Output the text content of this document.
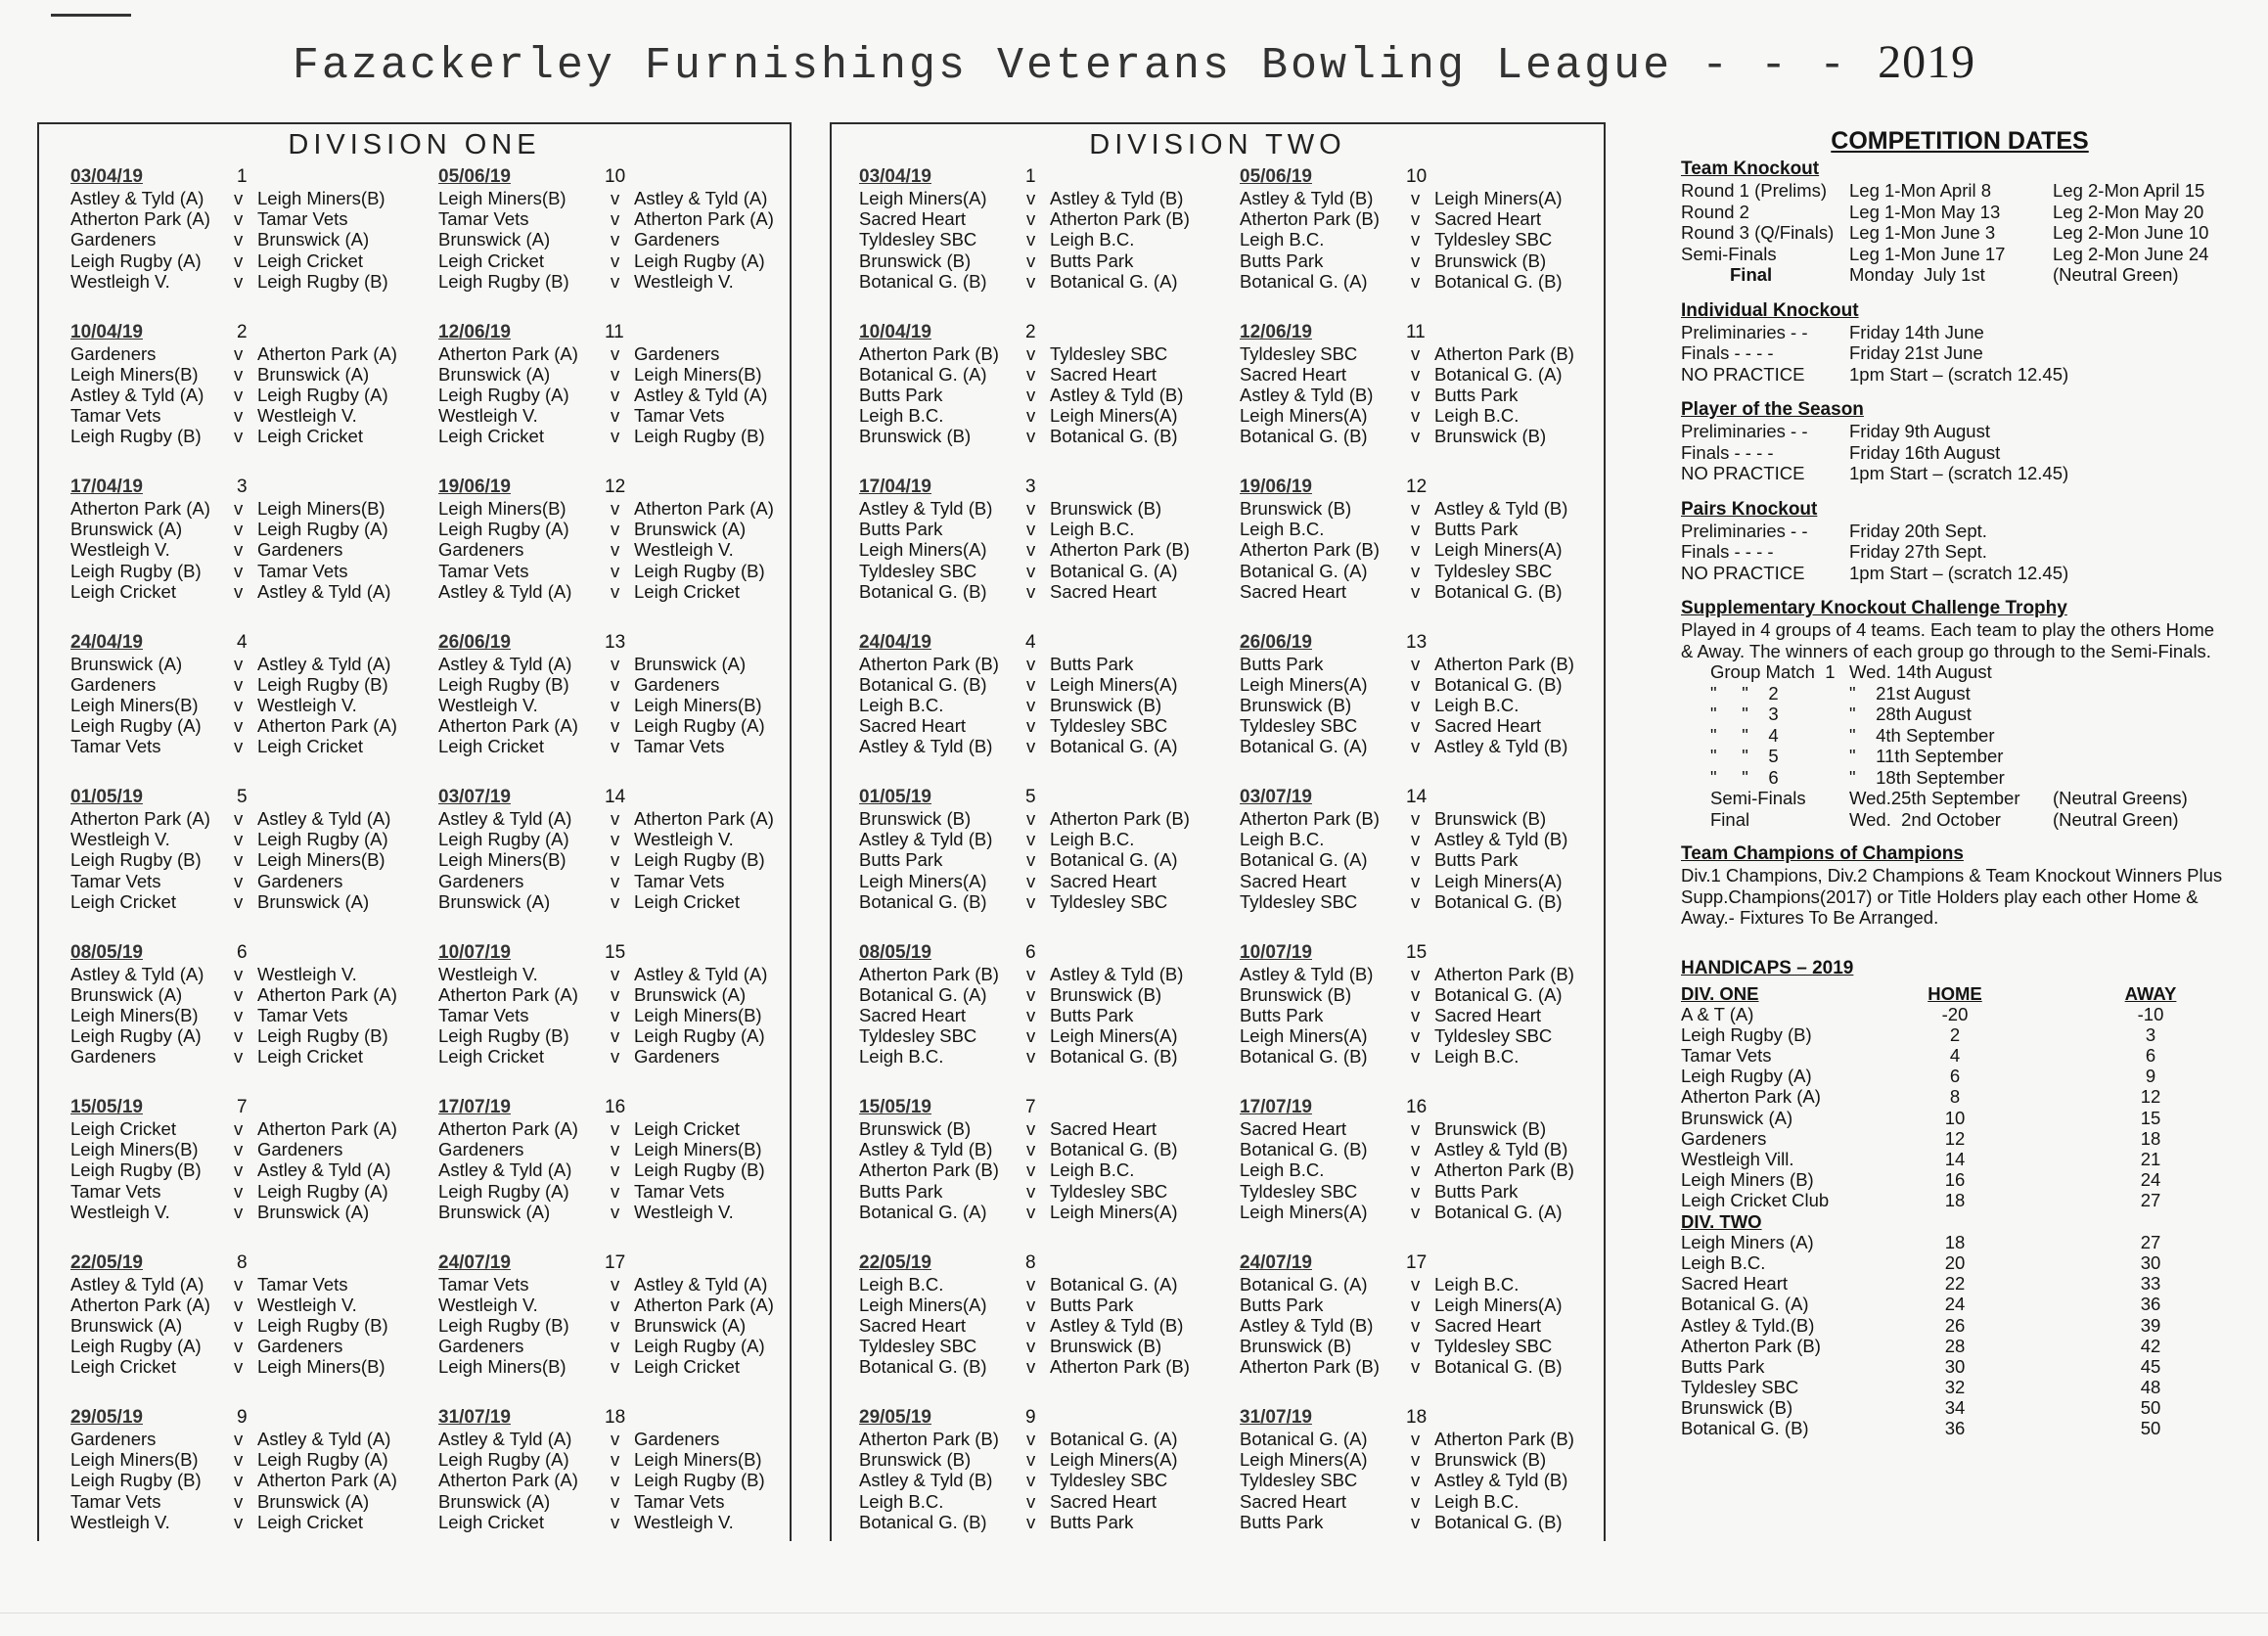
Fazackerley Furnishings Veterans Bowling League - - - 2019
DIVISION ONE
03/04/19	1
Astley & Tyld (A)	v Leigh Miners(B)
Atherton Park (A)	v Tamar Vets
Gardeners	v Brunswick (A)
Leigh Rugby (A)	v Leigh Cricket
Westleigh V.	v Leigh Rugby (B)
10/04/19	2
Gardeners	v Atherton Park (A)
Leigh Miners(B)	v Brunswick (A)
Astley & Tyld (A)	v Leigh Rugby (A)
Tamar Vets	v Westleigh V.
Leigh Rugby (B)	v Leigh Cricket
17/04/19	3
Atherton Park (A)	v Leigh Miners(B)
Brunswick (A)	v Leigh Rugby (A)
Westleigh V.	v Gardeners
Leigh Rugby (B)	v Tamar Vets
Leigh Cricket	v Astley & Tyld (A)
24/04/19	4
Brunswick (A)	v Astley & Tyld (A)
Gardeners	v Leigh Rugby (B)
Leigh Miners(B)	v Westleigh V.
Leigh Rugby (A)	v Atherton Park (A)
Tamar Vets	v Leigh Cricket
01/05/19	5
Atherton Park (A)	v Astley & Tyld (A)
Westleigh V.	v Leigh Rugby (A)
Leigh Rugby (B)	v Leigh Miners(B)
Tamar Vets	v Gardeners
Leigh Cricket	v Brunswick (A)
08/05/19	6
Astley & Tyld (A)	v Westleigh V.
Brunswick (A)	v Atherton Park (A)
Leigh Miners(B)	v Tamar Vets
Leigh Rugby (A)	v Leigh Rugby (B)
Gardeners	v Leigh Cricket
15/05/19	7
Leigh Cricket	v Atherton Park (A)
Leigh Miners(B)	v Gardeners
Leigh Rugby (B)	v Astley & Tyld (A)
Tamar Vets	v Leigh Rugby (A)
Westleigh V.	v Brunswick (A)
22/05/19	8
Astley & Tyld (A)	v Tamar Vets
Atherton Park (A)	v Westleigh V.
Brunswick (A)	v Leigh Rugby (B)
Leigh Rugby (A)	v Gardeners
Leigh Cricket	v Leigh Miners(B)
29/05/19	9
Gardeners	v Astley & Tyld (A)
Leigh Miners(B)	v Leigh Rugby (A)
Leigh Rugby (B)	v Atherton Park (A)
Tamar Vets	v Brunswick (A)
Westleigh V.	v Leigh Cricket
05/06/19	10
Leigh Miners(B)	v Astley & Tyld (A)
Tamar Vets	v Atherton Park (A)
Brunswick (A)	v Gardeners
Leigh Cricket	v Leigh Rugby (A)
Leigh Rugby (B)	v Westleigh V.
12/06/19	11
Atherton Park (A)	v Gardeners
Brunswick (A)	v Leigh Miners(B)
Leigh Rugby (A)	v Astley & Tyld (A)
Westleigh V.	v Tamar Vets
Leigh Cricket	v Leigh Rugby (B)
19/06/19	12
Leigh Miners(B)	v Atherton Park (A)
Leigh Rugby (A)	v Brunswick (A)
Gardeners	v Westleigh V.
Tamar Vets	v Leigh Rugby (B)
Astley & Tyld (A)	v Leigh Cricket
26/06/19	13
Astley & Tyld (A)	v Brunswick (A)
Leigh Rugby (B)	v Gardeners
Westleigh V.	v Leigh Miners(B)
Atherton Park (A)	v Leigh Rugby (A)
Leigh Cricket	v Tamar Vets
03/07/19	14
Astley & Tyld (A)	v Atherton Park (A)
Leigh Rugby (A)	v Westleigh V.
Leigh Miners(B)	v Leigh Rugby (B)
Gardeners	v Tamar Vets
Brunswick (A)	v Leigh Cricket
10/07/19	15
Westleigh V.	v Astley & Tyld (A)
Atherton Park (A)	v Brunswick (A)
Tamar Vets	v Leigh Miners(B)
Leigh Rugby (B)	v Leigh Rugby (A)
Leigh Cricket	v Gardeners
17/07/19	16
Atherton Park (A)	v Leigh Cricket
Gardeners	v Leigh Miners(B)
Astley & Tyld (A)	v Leigh Rugby (B)
Leigh Rugby (A)	v Tamar Vets
Brunswick (A)	v Westleigh V.
24/07/19	17
Tamar Vets	v Astley & Tyld (A)
Westleigh V.	v Atherton Park (A)
Leigh Rugby (B)	v Brunswick (A)
Gardeners	v Leigh Rugby (A)
Leigh Miners(B)	v Leigh Cricket
31/07/19	18
Astley & Tyld (A)	v Gardeners
Leigh Rugby (A)	v Leigh Miners(B)
Atherton Park (A)	v Leigh Rugby (B)
Brunswick (A)	v Tamar Vets
Leigh Cricket	v Westleigh V.
DIVISION TWO
03/04/19	1
Leigh Miners(A)	v Astley & Tyld (B)
Sacred Heart	v Atherton Park (B)
Tyldesley SBC	v Leigh B.C.
Brunswick (B)	v Butts Park
Botanical G. (B)	v Botanical G. (A)
10/04/19	2
Atherton Park (B)	v Tyldesley SBC
Botanical G. (A)	v Sacred Heart
Butts Park	v Astley & Tyld (B)
Leigh B.C.	v Leigh Miners(A)
Brunswick (B)	v Botanical G. (B)
17/04/19	3
Astley & Tyld (B)	v Brunswick (B)
Butts Park	v Leigh B.C.
Leigh Miners(A)	v Atherton Park (B)
Tyldesley SBC	v Botanical G. (A)
Botanical G. (B)	v Sacred Heart
24/04/19	4
Atherton Park (B)	v Butts Park
Botanical G. (B)	v Leigh Miners(A)
Leigh B.C.	v Brunswick (B)
Sacred Heart	v Tyldesley SBC
Astley & Tyld (B)	v Botanical G. (A)
01/05/19	5
Brunswick (B)	v Atherton Park (B)
Astley & Tyld (B)	v Leigh B.C.
Butts Park	v Botanical G. (A)
Leigh Miners(A)	v Sacred Heart
Botanical G. (B)	v Tyldesley SBC
08/05/19	6
Atherton Park (B)	v Astley & Tyld (B)
Botanical G. (A)	v Brunswick (B)
Sacred Heart	v Butts Park
Tyldesley SBC	v Leigh Miners(A)
Leigh B.C.	v Botanical G. (B)
15/05/19	7
Brunswick (B)	v Sacred Heart
Astley & Tyld (B)	v Botanical G. (B)
Atherton Park (B)	v Leigh B.C.
Butts Park	v Tyldesley SBC
Botanical G. (A)	v Leigh Miners(A)
22/05/19	8
Leigh B.C.	v Botanical G. (A)
Leigh Miners(A)	v Butts Park
Sacred Heart	v Astley & Tyld (B)
Tyldesley SBC	v Brunswick (B)
Botanical G. (B)	v Atherton Park (B)
29/05/19	9
Atherton Park (B)	v Botanical G. (A)
Brunswick (B)	v Leigh Miners(A)
Astley & Tyld (B)	v Tyldesley SBC
Leigh B.C.	v Sacred Heart
Botanical G. (B)	v Butts Park
05/06/19	10
Astley & Tyld (B)	v Leigh Miners(A)
Atherton Park (B)	v Sacred Heart
Leigh B.C.	v Tyldesley SBC
Butts Park	v Brunswick (B)
Botanical G. (A)	v Botanical G. (B)
12/06/19	11
Tyldesley SBC	v Atherton Park (B)
Sacred Heart	v Botanical G. (A)
Astley & Tyld (B)	v Butts Park
Leigh Miners(A)	v Leigh B.C.
Botanical G. (B)	v Brunswick (B)
19/06/19	12
Brunswick (B)	v Astley & Tyld (B)
Leigh B.C.	v Butts Park
Atherton Park (B)	v Leigh Miners(A)
Botanical G. (A)	v Tyldesley SBC
Sacred Heart	v Botanical G. (B)
26/06/19	13
Butts Park	v Atherton Park (B)
Leigh Miners(A)	v Botanical G. (B)
Brunswick (B)	v Leigh B.C.
Tyldesley SBC	v Sacred Heart
Botanical G. (A)	v Astley & Tyld (B)
03/07/19	14
Atherton Park (B)	v Brunswick (B)
Leigh B.C.	v Astley & Tyld (B)
Botanical G. (A)	v Butts Park
Sacred Heart	v Leigh Miners(A)
Tyldesley SBC	v Botanical G. (B)
10/07/19	15
Astley & Tyld (B)	v Atherton Park (B)
Brunswick (B)	v Botanical G. (A)
Butts Park	v Sacred Heart
Leigh Miners(A)	v Tyldesley SBC
Botanical G. (B)	v Leigh B.C.
17/07/19	16
Sacred Heart	v Brunswick (B)
Botanical G. (B)	v Astley & Tyld (B)
Leigh B.C.	v Atherton Park (B)
Tyldesley SBC	v Butts Park
Leigh Miners(A)	v Botanical G. (A)
24/07/19	17
Botanical G. (A)	v Leigh B.C.
Butts Park	v Leigh Miners(A)
Astley & Tyld (B)	v Sacred Heart
Brunswick (B)	v Tyldesley SBC
Atherton Park (B)	v Botanical G. (B)
31/07/19	18
Botanical G. (A)	v Atherton Park (B)
Leigh Miners(A)	v Brunswick (B)
Tyldesley SBC	v Astley & Tyld (B)
Sacred Heart	v Leigh B.C.
Butts Park	v Botanical G. (B)
COMPETITION DATES
Team Knockout
Round 1 (Prelims)	Leg 1-Mon April 8	Leg 2-Mon April 15
Round 2	Leg 1-Mon May 13	Leg 2-Mon May 20
Round 3 (Q/Finals) Leg 1-Mon June 3	Leg 2-Mon June 10
Semi-Finals	Leg 1-Mon June 17	Leg 2-Mon June 24
Final	Monday  July 1st	(Neutral Green)
Individual Knockout
Preliminaries - -	Friday 14th June
Finals - - - -	Friday 21st June
NO PRACTICE	1pm Start – (scratch 12.45)
Player of the Season
Preliminaries - -	Friday 9th August
Finals - - - -	Friday 16th August
NO PRACTICE	1pm Start – (scratch 12.45)
Pairs Knockout
Preliminaries - -	Friday 20th Sept.
Finals - - - -	Friday 27th Sept.
NO PRACTICE	1pm Start – (scratch 12.45)
Supplementary Knockout Challenge Trophy
Played in 4 groups of 4 teams. Each team to play the others Home & Away. The winners of each group go through to the Semi-Finals.
Group Match  1 Wed. 14th August
"     "    2	"    21st August
"     "    3	"    28th August
"     "    4	"    4th September
"     "    5	"    11th September
"     "    6	"    18th September
Semi-Finals	Wed.25th September	(Neutral Greens)
Final	Wed.  2nd October	(Neutral Green)
Team Champions of Champions
Div.1 Champions, Div.2 Champions & Team Knockout Winners Plus Supp.Champions(2017) or Title Holders play each other Home & Away.- Fixtures To Be Arranged.
HANDICAPS – 2019
DIV. ONE	HOME	AWAY
A & T (A)	-20	-10
Leigh Rugby (B)	2	3
Tamar Vets	4	6
Leigh Rugby (A)	6	9
Atherton Park (A)	8	12
Brunswick (A)	10	15
Gardeners	12	18
Westleigh Vill.	14	21
Leigh Miners (B)	16	24
Leigh Cricket Club	18	27
DIV. TWO
Leigh Miners (A)	18	27
Leigh B.C.	20	30
Sacred Heart	22	33
Botanical G. (A)	24	36
Astley & Tyld.(B)	26	39
Atherton Park (B)	28	42
Butts Park	30	45
Tyldesley SBC	32	48
Brunswick (B)	34	50
Botanical G. (B)	36	50
